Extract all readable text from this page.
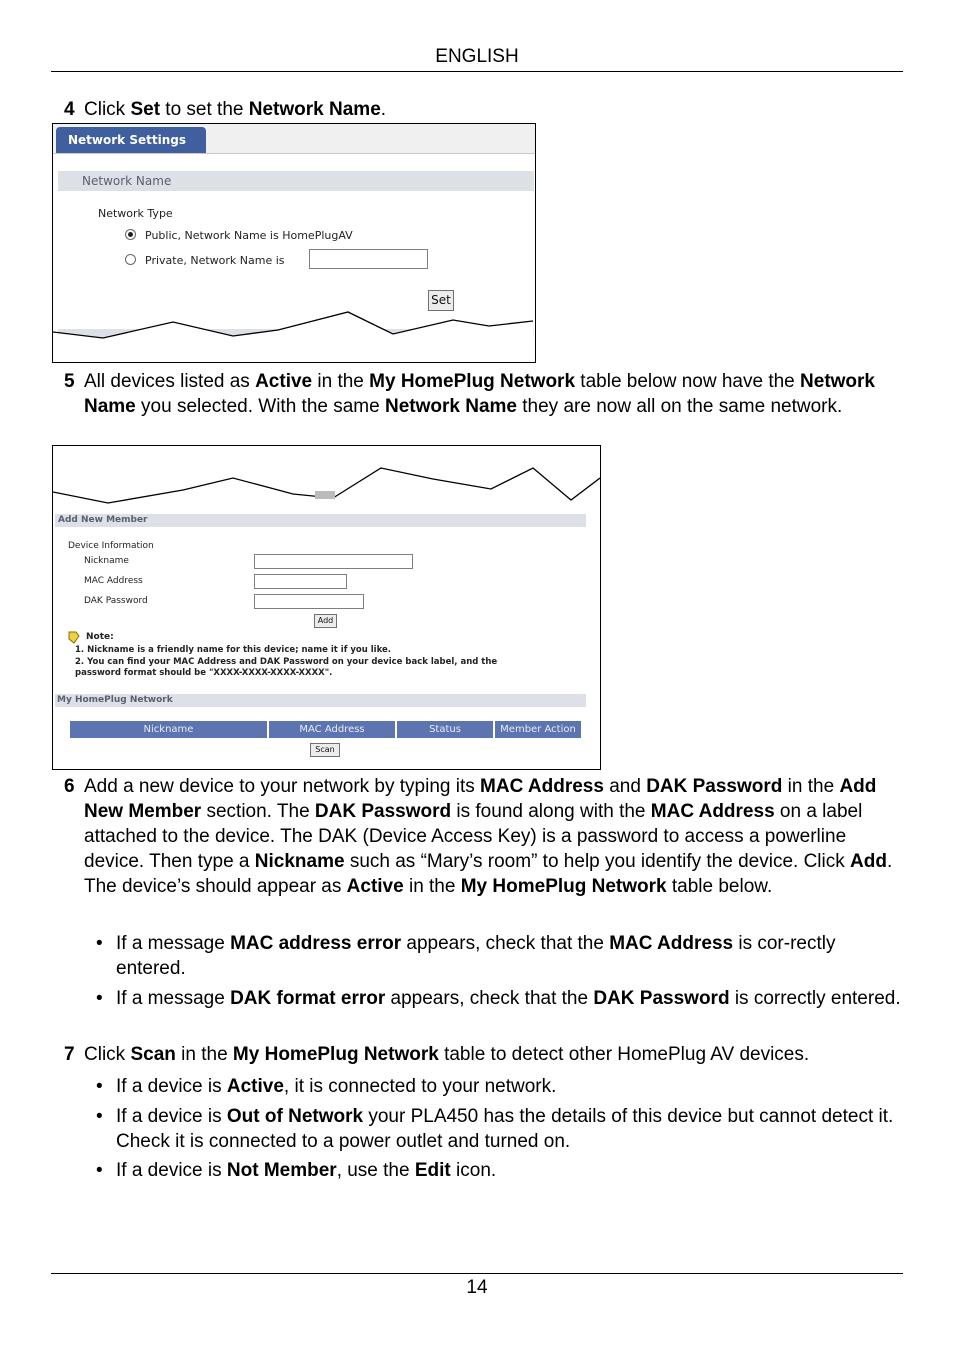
ENGLISH
4 Click Set to set the Network Name.
Network Settings
Network Name
Network Type
Public, Network Name is HomePlugAV
Private, Network Name is
Set
5 All devices listed as Active in the My HomePlug Network table below now have the Network Name you selected. With the same Network Name they are now all on the same network.
Add New Member
Device Information
Nickname
MAC Address
DAK Password
Add
Note:
1. Nickname is a friendly name for this device; name it if you like.
2. You can find your MAC Address and DAK Password on your device back label, and the
password format should be "XXXX-XXXX-XXXX-XXXX".
My HomePlug Network
Nickname	MAC Address	Status	Member Action
Scan
6 Add a new device to your network by typing its MAC Address and DAK Password in the Add New Member section. The DAK Password is found along with the MAC Address on a label attached to the device. The DAK (Device Access Key) is a password to access a powerline device. Then type a Nickname such as “Mary’s room” to help you identify the device. Click Add. The device’s should appear as Active in the My HomePlug Network table below.
• If a message MAC address error appears, check that the MAC Address is cor-rectly entered.
• If a message DAK format error appears, check that the DAK Password is correctly entered.
7 Click Scan in the My HomePlug Network table to detect other HomePlug AV devices.
• If a device is Active, it is connected to your network.
• If a device is Out of Network your PLA450 has the details of this device but cannot detect it. Check it is connected to a power outlet and turned on.
• If a device is Not Member, use the Edit icon.
14
